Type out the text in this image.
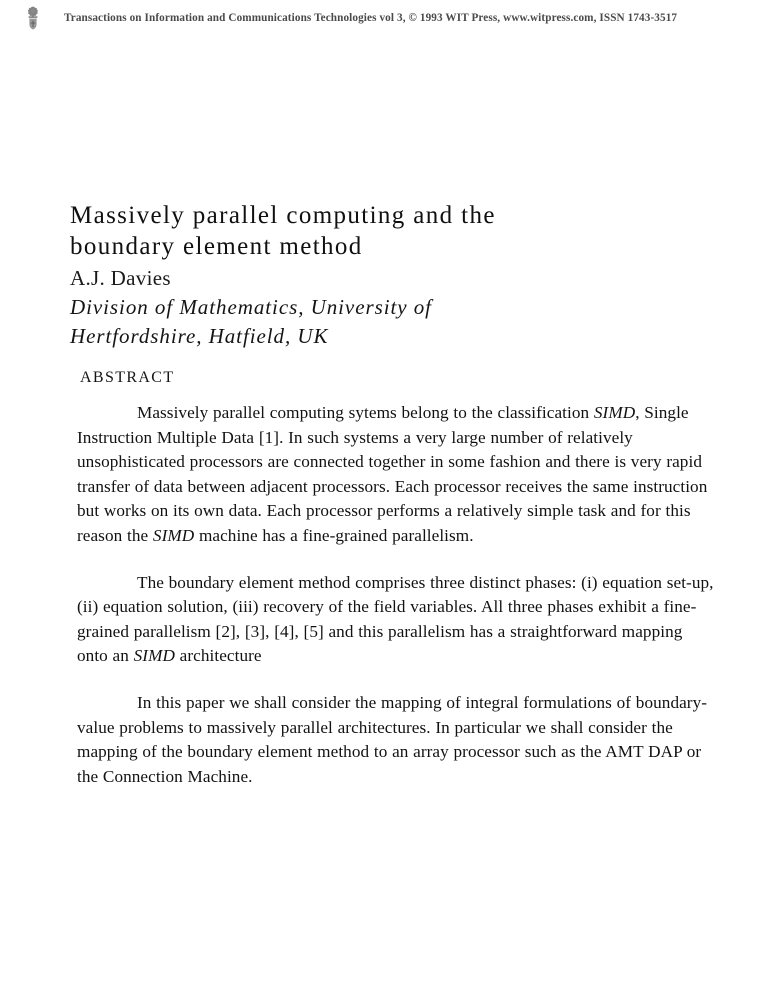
Transactions on Information and Communications Technologies vol 3, © 1993 WIT Press, www.witpress.com, ISSN 1743-3517
Massively parallel computing and the
boundary element method
A.J. Davies
Division of Mathematics, University of
Hertfordshire, Hatfield, UK
ABSTRACT

Massively parallel computing sytems belong to the classification SIMD, Single Instruction Multiple Data [1]. In such systems a very large number of relatively unsophisticated processors are connected together in some fashion and there is very rapid transfer of data between adjacent processors. Each processor receives the same instruction but works on its own data. Each processor performs a relatively simple task and for this reason the SIMD machine has a fine-grained parallelism.

The boundary element method comprises three distinct phases: (i) equation set-up, (ii) equation solution, (iii) recovery of the field variables. All three phases exhibit a fine-grained parallelism [2], [3], [4], [5] and this parallelism has a straightforward mapping onto an SIMD architecture

In this paper we shall consider the mapping of integral formulations of boundary-value problems to massively parallel architectures. In particular we shall consider the mapping of the boundary element method to an array processor such as the AMT DAP or the Connection Machine.
